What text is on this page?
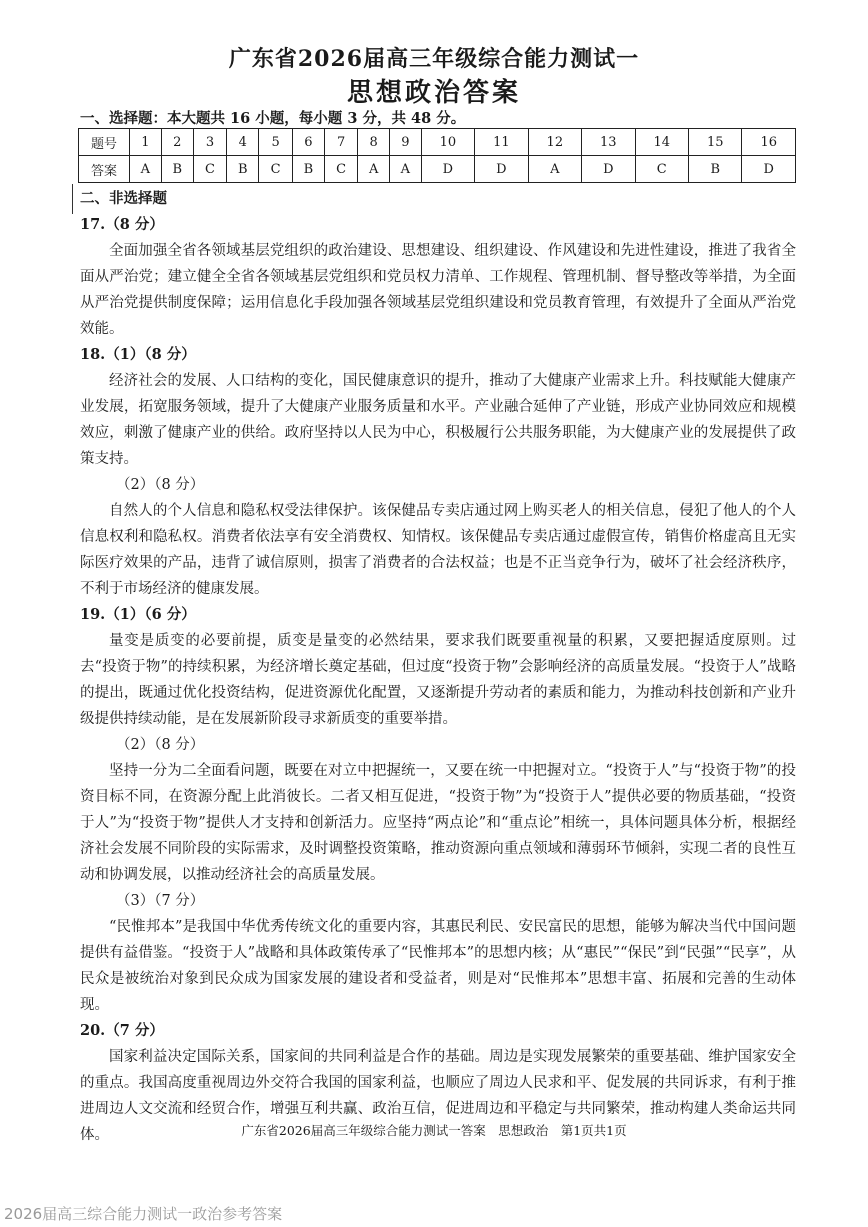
广东省2026届高三年级综合能力测试一
思想政治答案
一、选择题：本大题共 16 小题，每小题 3 分，共 48 分。
题号	1	2	3	4	5	6	7	8	9	10	11	12	13	14	15	16
答案	A	B	C	B	C	B	C	A	A	D	D	A	D	C	B	D
二、非选择题
17.（8 分）

全面加强全省各领域基层党组织的政治建设、思想建设、组织建设、作风建设和先进性建设，推进了我省全面从严治党；建立健全全省各领域基层党组织和党员权力清单、工作规程、管理机制、督导整改等举措，为全面从严治党提供制度保障；运用信息化手段加强各领域基层党组织建设和党员教育管理，有效提升了全面从严治党效能。

18.（1）（8 分）

经济社会的发展、人口结构的变化，国民健康意识的提升，推动了大健康产业需求上升。科技赋能大健康产业发展，拓宽服务领域，提升了大健康产业服务质量和水平。产业融合延伸了产业链，形成产业协同效应和规模效应，刺激了健康产业的供给。政府坚持以人民为中心，积极履行公共服务职能，为大健康产业的发展提供了政策支持。

（2）（8 分）

自然人的个人信息和隐私权受法律保护。该保健品专卖店通过网上购买老人的相关信息，侵犯了他人的个人信息权利和隐私权。消费者依法享有安全消费权、知情权。该保健品专卖店通过虚假宣传，销售价格虚高且无实际医疗效果的产品，违背了诚信原则，损害了消费者的合法权益；也是不正当竞争行为，破坏了社会经济秩序，不利于市场经济的健康发展。

19.（1）（6 分）

量变是质变的必要前提，质变是量变的必然结果，要求我们既要重视量的积累，又要把握适度原则。过去“投资于物”的持续积累，为经济增长奠定基础，但过度“投资于物”会影响经济的高质量发展。“投资于人”战略的提出，既通过优化投资结构，促进资源优化配置，又逐渐提升劳动者的素质和能力，为推动科技创新和产业升级提供持续动能，是在发展新阶段寻求新质变的重要举措。

（2）（8 分）

坚持一分为二全面看问题，既要在对立中把握统一，又要在统一中把握对立。“投资于人”与“投资于物”的投资目标不同，在资源分配上此消彼长。二者又相互促进，“投资于物”为“投资于人”提供必要的物质基础，“投资于人”为“投资于物”提供人才支持和创新活力。应坚持“两点论”和“重点论”相统一，具体问题具体分析，根据经济社会发展不同阶段的实际需求，及时调整投资策略，推动资源向重点领域和薄弱环节倾斜，实现二者的良性互动和协调发展，以推动经济社会的高质量发展。

（3）（7 分）

“民惟邦本”是我国中华优秀传统文化的重要内容，其惠民利民、安民富民的思想，能够为解决当代中国问题提供有益借鉴。“投资于人”战略和具体政策传承了“民惟邦本”的思想内核；从“惠民”“保民”到“民强”“民享”，从民众是被统治对象到民众成为国家发展的建设者和受益者，则是对“民惟邦本”思想丰富、拓展和完善的生动体现。

20.（7 分）

国家利益决定国际关系，国家间的共同利益是合作的基础。周边是实现发展繁荣的重要基础、维护国家安全的重点。我国高度重视周边外交符合我国的国家利益，也顺应了周边人民求和平、促发展的共同诉求，有利于推进周边人文交流和经贸合作，增强互利共赢、政治互信，促进周边和平稳定与共同繁荣，推动构建人类命运共同体。	广东省2026届高三年级综合能力测试一答案　思想政治　第1页共1页
2026届高三综合能力测试一政治参考答案
